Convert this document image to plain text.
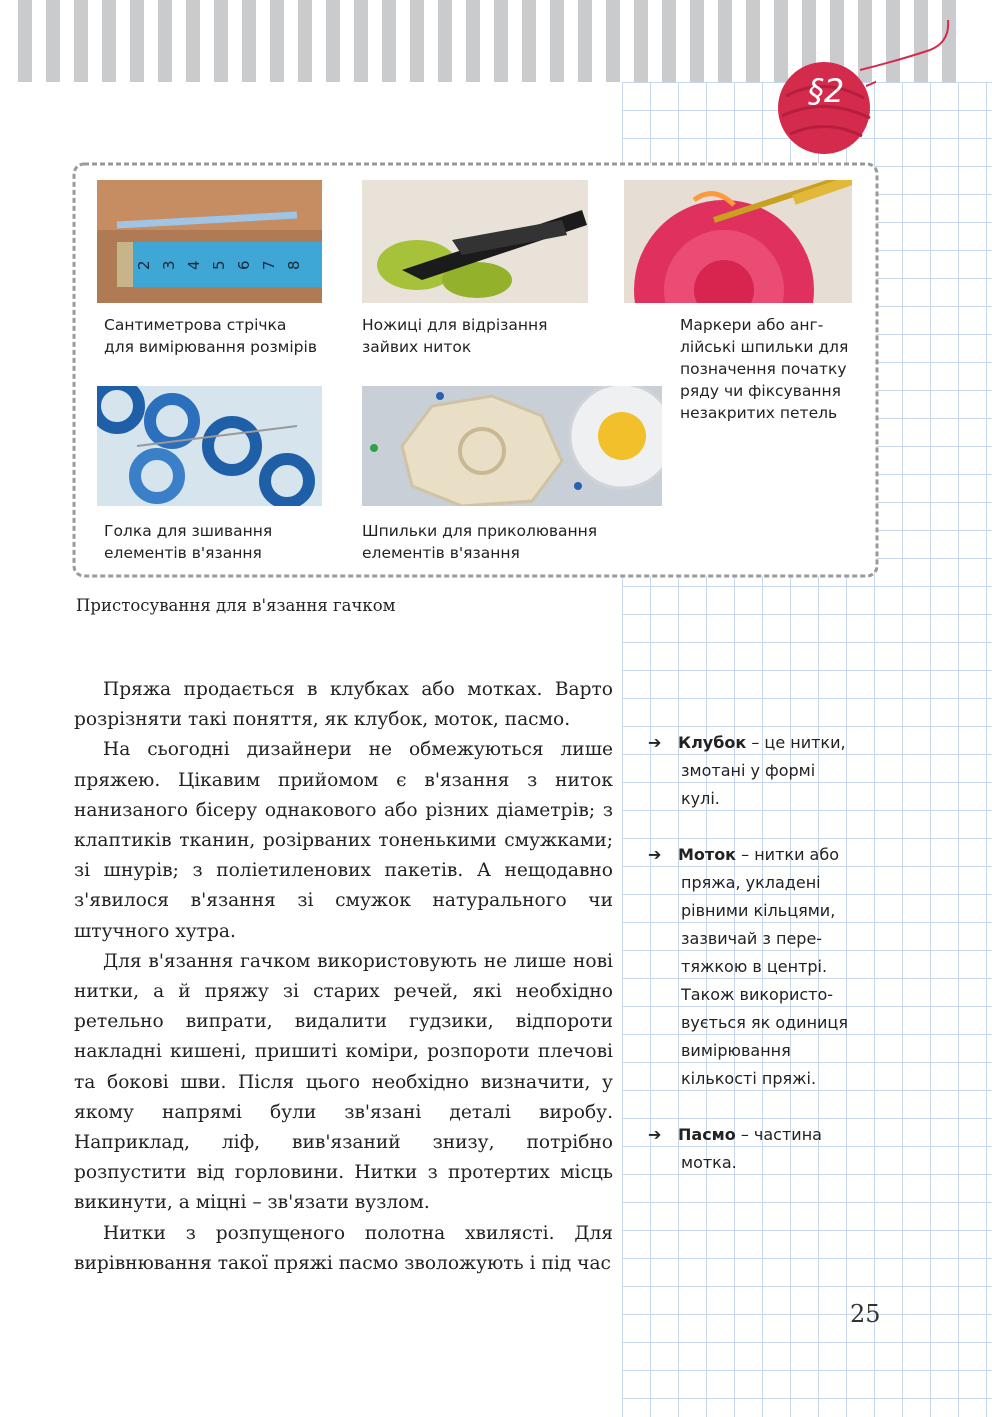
§2
2 3 4 5 6 7 8
Сантиметрова стрічка
для вимірювання розмірів
Ножиці для відрізання
зайвих ниток
Маркери або анг-
лійські шпильки для
позначення початку
ряду чи фіксування
незакритих петель
Голка для зшивання
елементів в'язання
Шпильки для приколювання
елементів в'язання
Пристосування для в'язання гачком

Пряжа продається в клубках або мотках. Варто розрізняти такі поняття, як клубок, моток, пасмо.

На сьогодні дизайнери не обмежуються лише пряжею. Цікавим прийомом є в'язання з ниток нанизаного бісеру однакового або різних діаметрів; з клаптиків тканин, розірваних тоненькими смужками; зі шнурів; з поліетиленових пакетів. А нещодавно з'явилося в'язання зі смужок натурального чи штучного хутра.

Для в'язання гачком використовують не лише нові нитки, а й пряжу зі старих речей, які необхідно ретельно випрати, видалити гудзики, відпороти накладні кишені, пришиті коміри, розпороти плечові та бокові шви. Після цього необхідно визначити, у якому напрямі були зв'язані деталі виробу. Наприклад, ліф, вив'язаний знизу, потрібно розпустити від горловини. Нитки з протертих місць викинути, а міцні – зв'язати вузлом.

Нитки з розпущеного полотна хвилясті. Для вирівнювання такої пряжі пасмо зволожують і під час

➔ Клубок – це нитки,
змотані у формі
кулі.
➔ Моток – нитки або
пряжа, укладені
рівними кільцями,
зазвичай з пере-
тяжкою в центрі.
Також використо-
вується як одиниця
вимірювання
кількості пряжі.
➔ Пасмо – частина
мотка.
25
